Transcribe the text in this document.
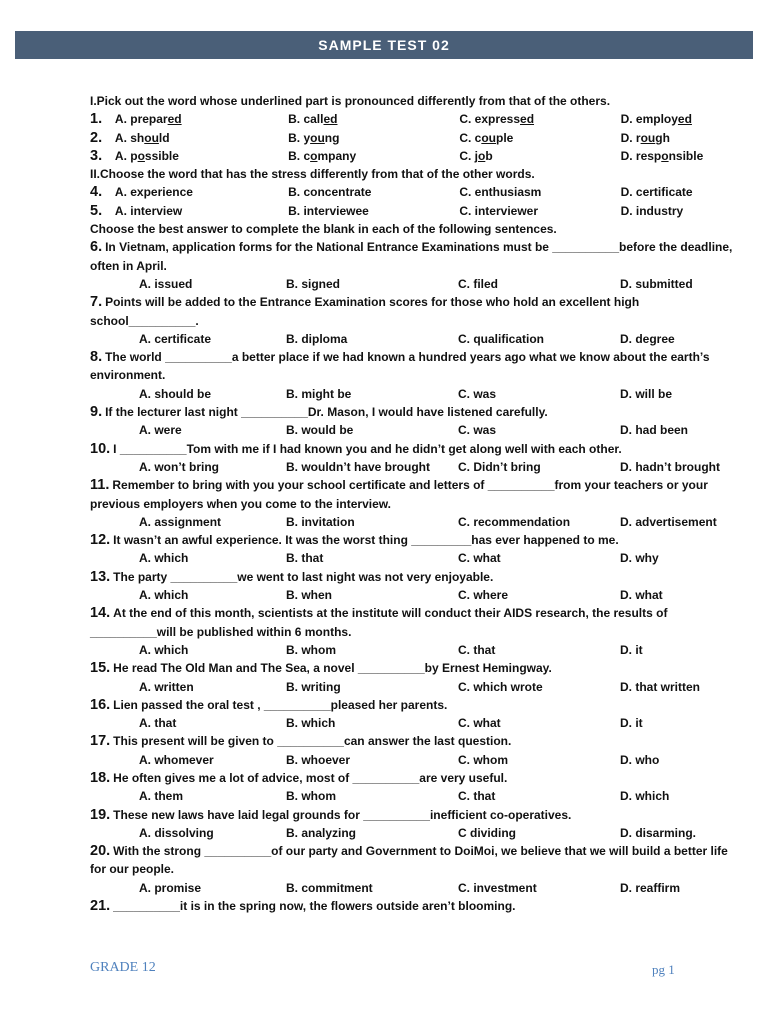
SAMPLE TEST 02
I.Pick out the word whose underlined part is pronounced differently from that of the others.
1.	A. prepared	B. called	C. expressed	D. employed
2.	A. should	B. young	C. couple	D. rough
3.	A. possible	B. company	C. job	D. responsible
II.Choose the word that has the stress differently from that of the other words.
4.	A. experience	B. concentrate	C. enthusiasm	D. certificate
5.	A. interview	B. interviewee	C. interviewer	D. industry
Choose the best answer to complete the blank in each of the following sentences.
6. In Vietnam, application forms for the National Entrance Examinations must be __________before the deadline, often in April.
A. issued	B. signed	C. filed	D. submitted
7. Points will be added to the Entrance Examination scores for those who hold an excellent high school__________.
A. certificate	B. diploma	C. qualification	D. degree
8. The world __________a better place if we had known a hundred years ago what we know about the earth’s environment.
A. should be	B. might be	C. was	D. will be
9. If the lecturer last night __________Dr. Mason, I would have listened carefully.
A. were	B. would be	C. was	D. had been
10. I __________Tom with me if I had known you and he didn’t get along well with each other.
A. won’t bring	B. wouldn’t have brought	C. Didn’t bring	D. hadn’t brought
11. Remember to bring with you your school certificate and letters of __________from your teachers or your previous employers when you come to the interview.
A. assignment	B. invitation	C. recommendation	D. advertisement
12. It wasn’t an awful experience. It was the worst thing _________has ever happened to me.
A. which	B. that	C. what	D. why
13. The party __________we went to last night was not very enjoyable.
A. which	B. when	C. where	D. what
14. At the end of this month, scientists at the institute will conduct their AIDS research, the results of __________will be published within 6 months.
A. which	B. whom	C. that	D. it
15. He read The Old Man and The Sea, a novel __________by Ernest Hemingway.
A. written	B. writing	C. which wrote	D. that written
16. Lien passed the oral test , __________pleased her parents.
A. that	B. which	C. what	D. it
17. This present will be given to __________can answer the last question.
A. whomever	B. whoever	C. whom	D. who
18. He often gives me a lot of advice, most of __________are very useful.
A. them	B. whom	C. that	D. which
19. These new laws have laid legal grounds for __________inefficient co-operatives.
A. dissolving	B. analyzing	C dividing	D. disarming.
20. With the strong __________of our party and Government to DoiMoi, we believe that we will build a better life for our people.
A. promise	B. commitment	C. investment	D. reaffirm
21. __________it is in the spring now, the flowers outside aren’t blooming.
GRADE 12	pg 1
